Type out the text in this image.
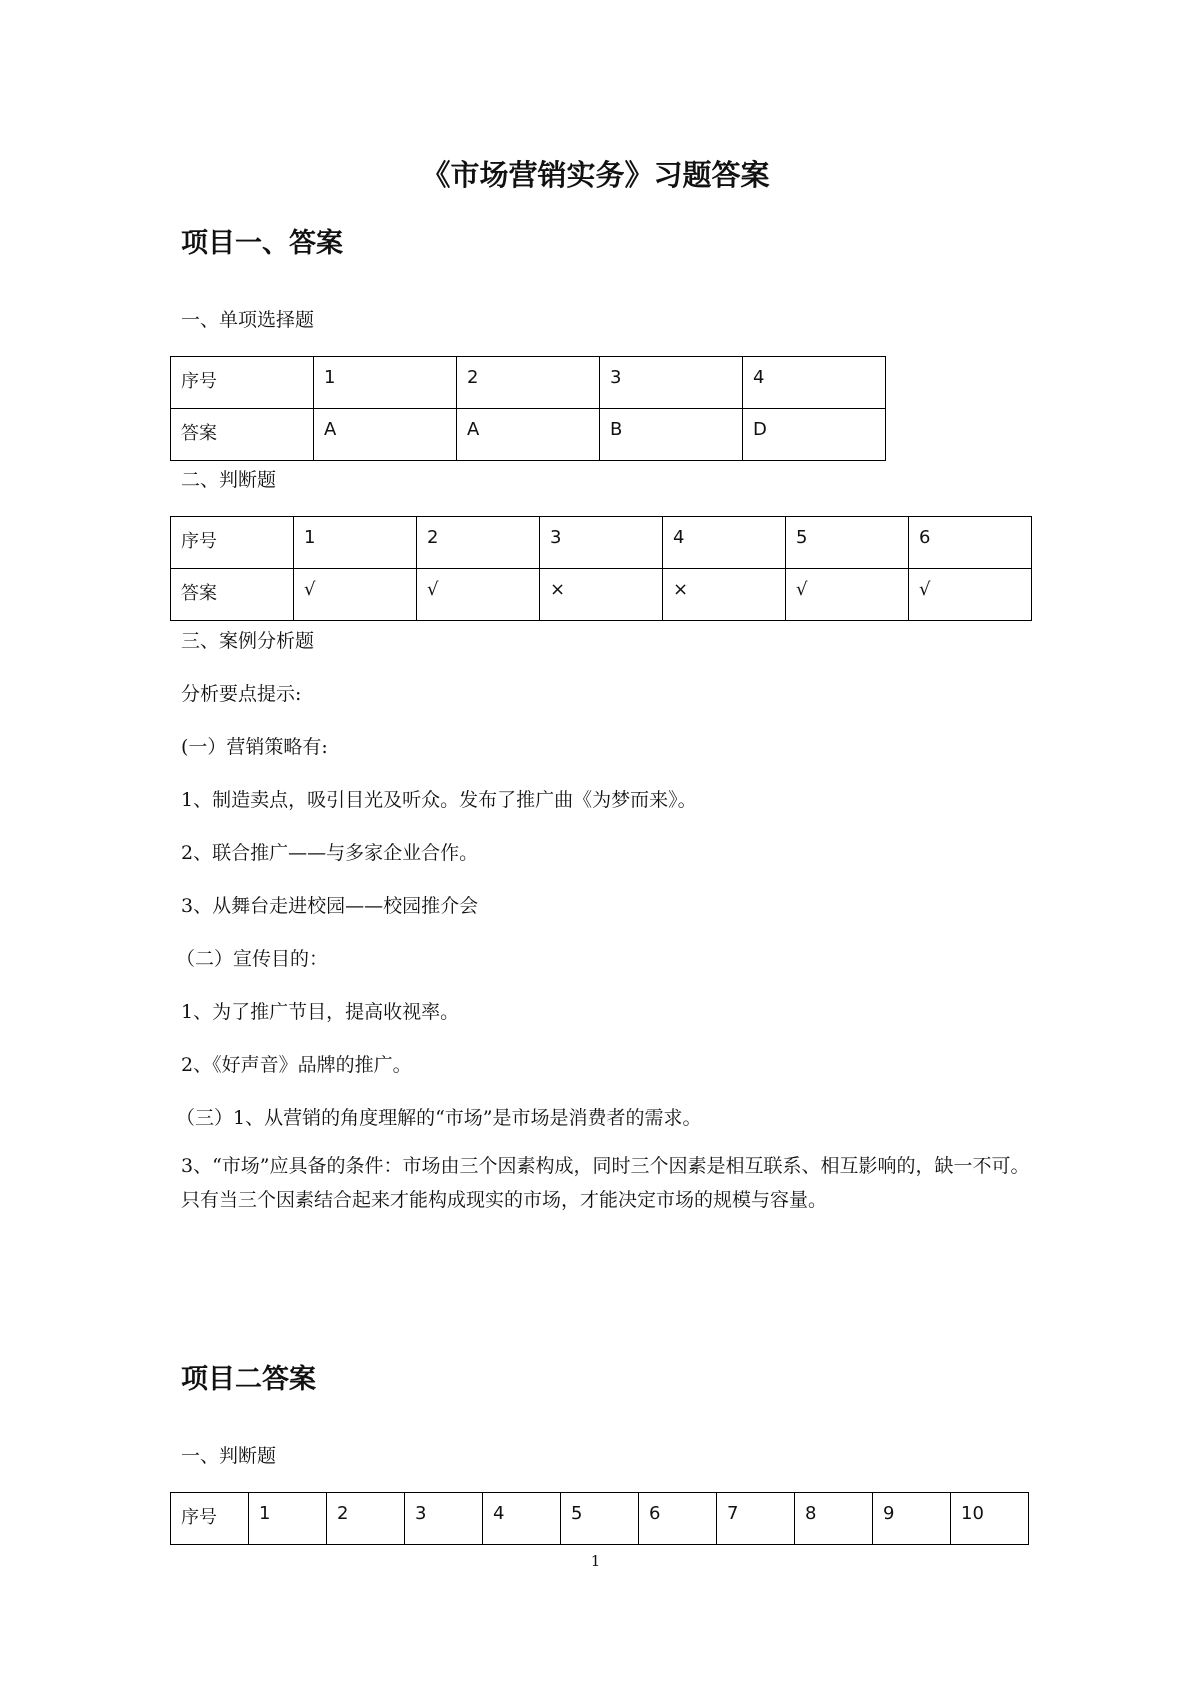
《市场营销实务》习题答案
项目一、答案

一、单项选择题

序号	1	2	3	4
答案	A	A	B	D

二、判断题

序号	1	2	3	4	5	6
答案	√	√	×	×	√	√

三、案例分析题

分析要点提示:

(一）营销策略有:

1、制造卖点，吸引目光及听众。发布了推广曲《为梦而来》。

2、联合推广——与多家企业合作。

3、从舞台走进校园——校园推介会

（二）宣传目的：

1、为了推广节目，提高收视率。

2、《好声音》品牌的推广。

（三）1、从营销的角度理解的“市场”是市场是消费者的需求。

3、“市场”应具备的条件：市场由三个因素构成，同时三个因素是相互联系、相互影响的，缺一不可。只有当三个因素结合起来才能构成现实的市场，才能决定市场的规模与容量。

项目二答案

一、判断题

序号	1	2	3	4	5	6	7	8	9	10
1
